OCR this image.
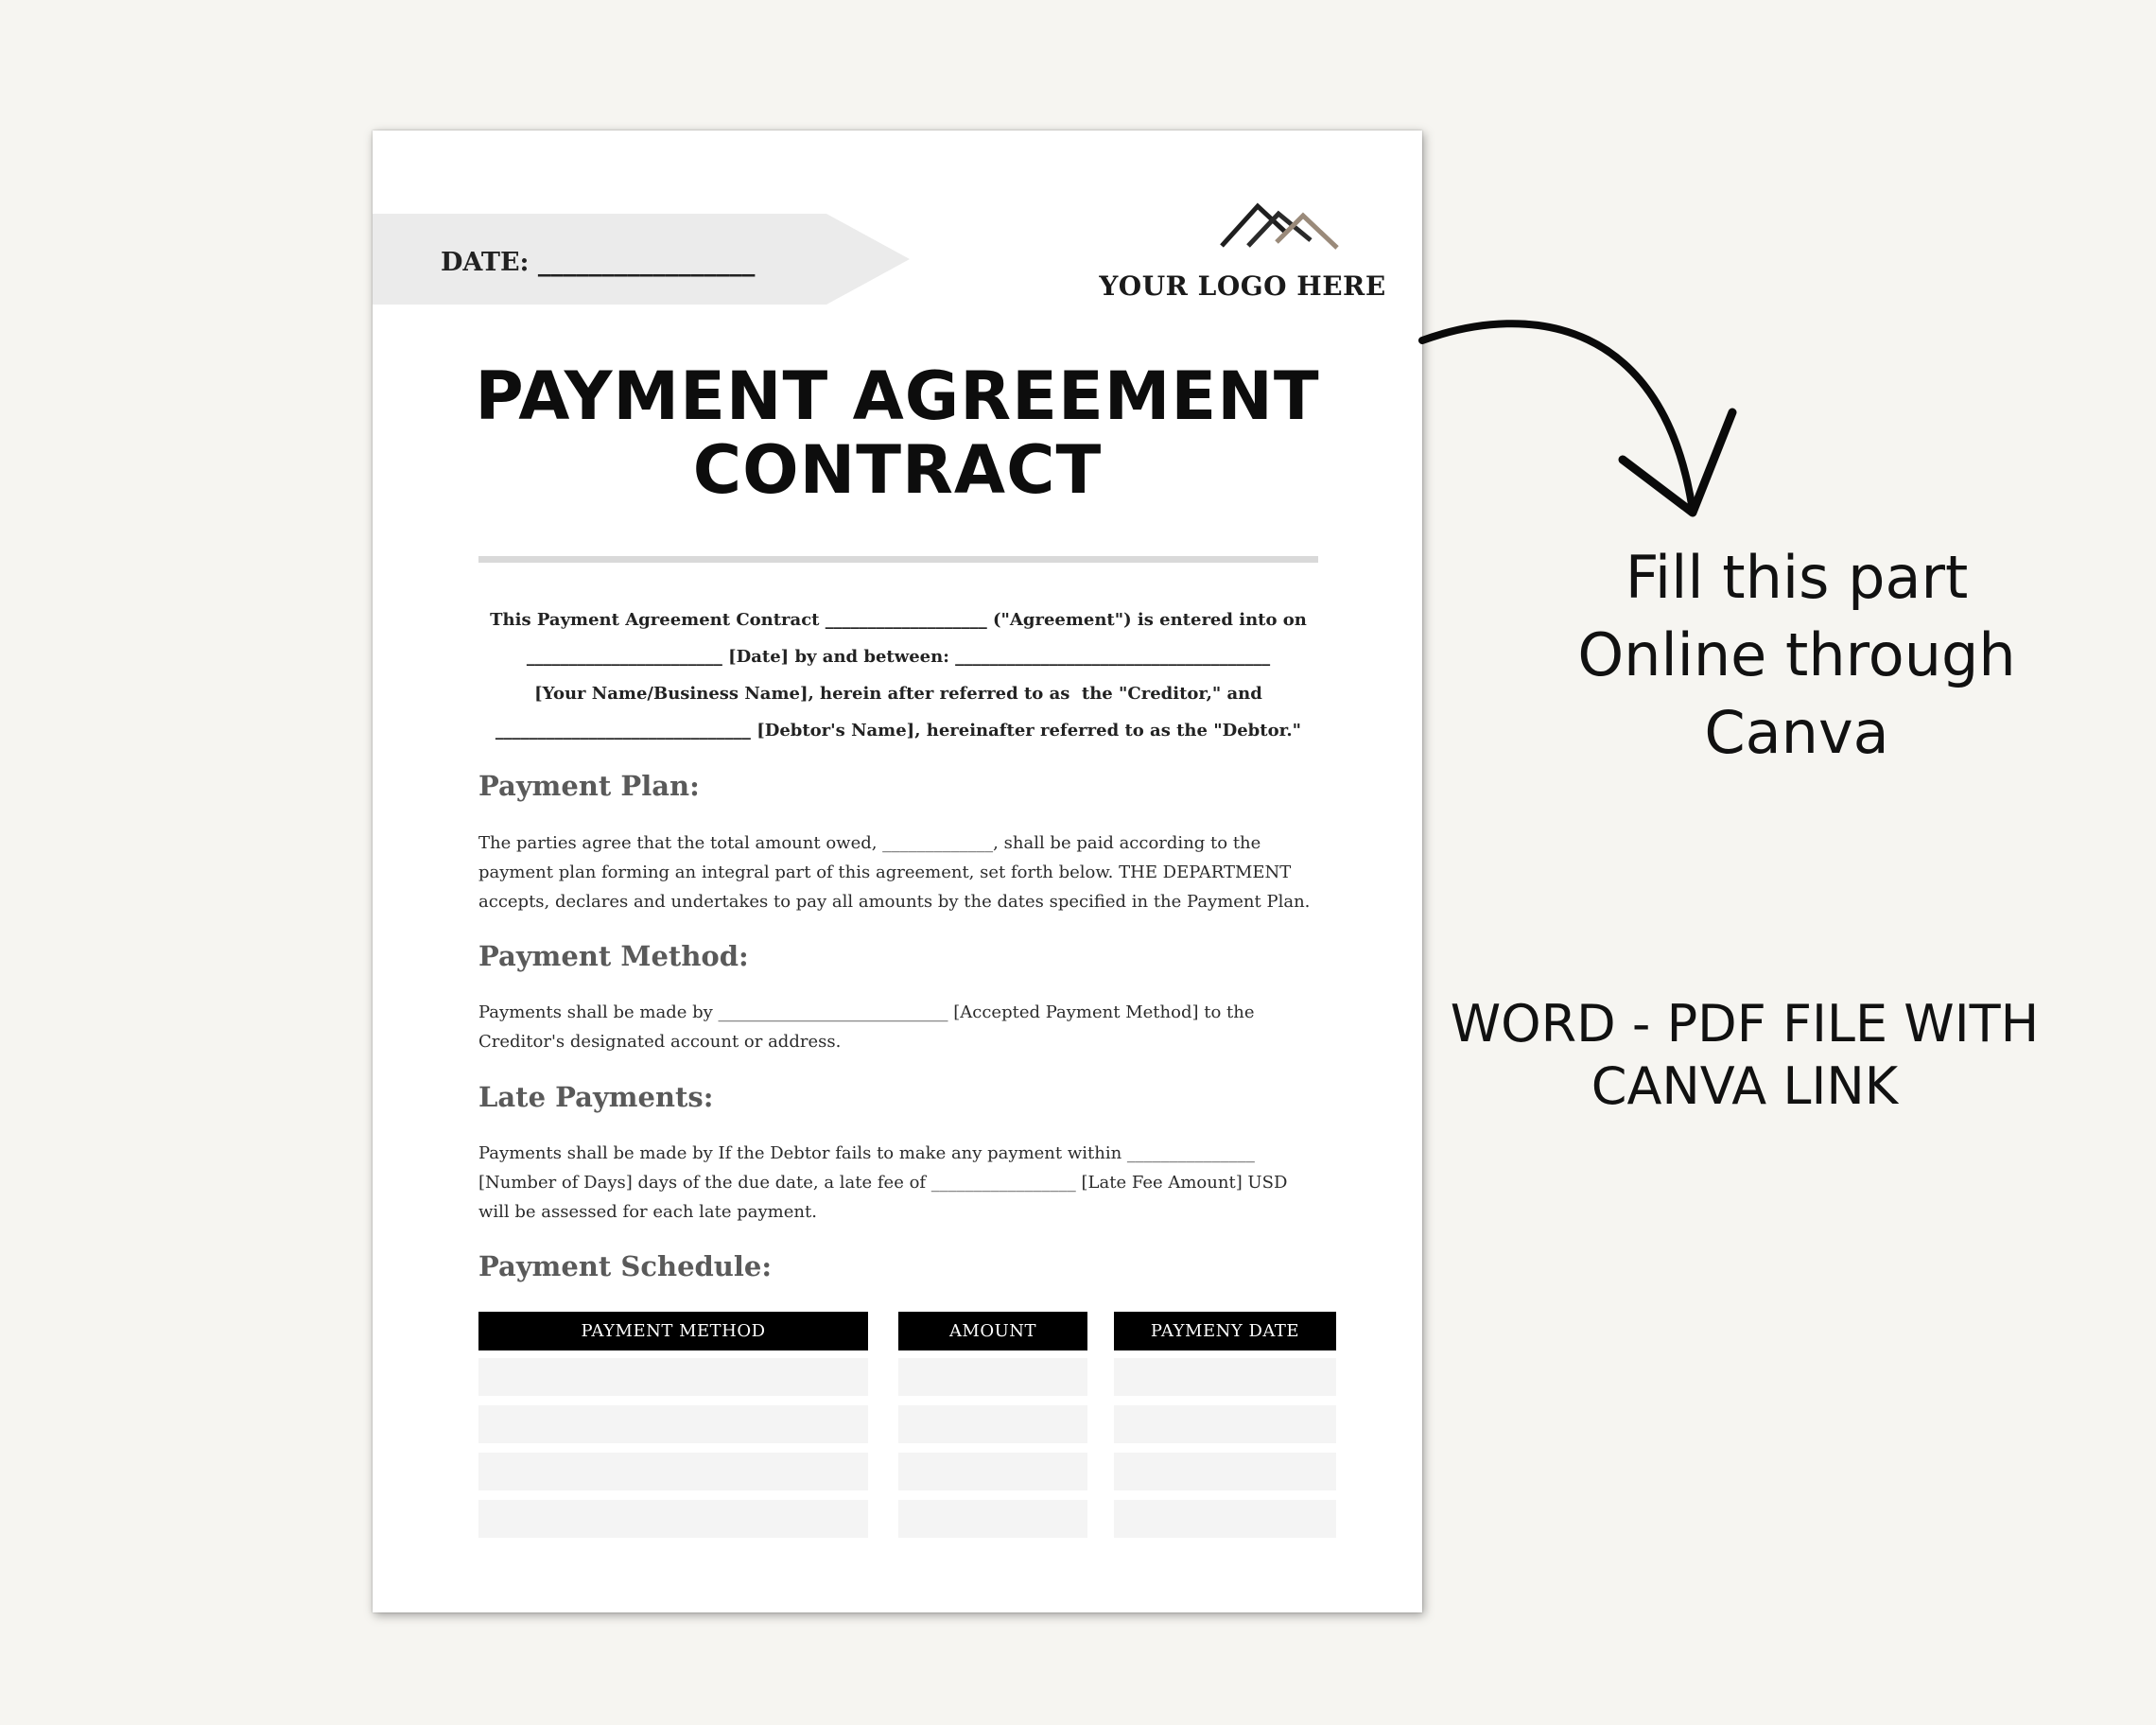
DATE: _________________
YOUR LOGO HERE
PAYMENT AGREEMENT
CONTRACT
This Payment Agreement Contract ___________________ ("Agreement") is entered into on
_______________________ [Date] by and between: _____________________________________
[Your Name/Business Name], herein after referred to as  the "Creditor," and
______________________________ [Debtor's Name], hereinafter referred to as the "Debtor."
Payment Plan:
The parties agree that the total amount owed, _____________, shall be paid according to the
payment plan forming an integral part of this agreement, set forth below. THE DEPARTMENT
accepts, declares and undertakes to pay all amounts by the dates specified in the Payment Plan.
Payment Method:
Payments shall be made by ___________________________ [Accepted Payment Method] to the
Creditor's designated account or address.
Late Payments:
Payments shall be made by If the Debtor fails to make any payment within _______________
[Number of Days] days of the due date, a late fee of _________________ [Late Fee Amount] USD
will be assessed for each late payment.
Payment Schedule:
PAYMENT METHOD	AMOUNT	PAYMENY DATE
Fill this part
Online through
Canva
WORD - PDF FILE WITH
CANVA LINK
